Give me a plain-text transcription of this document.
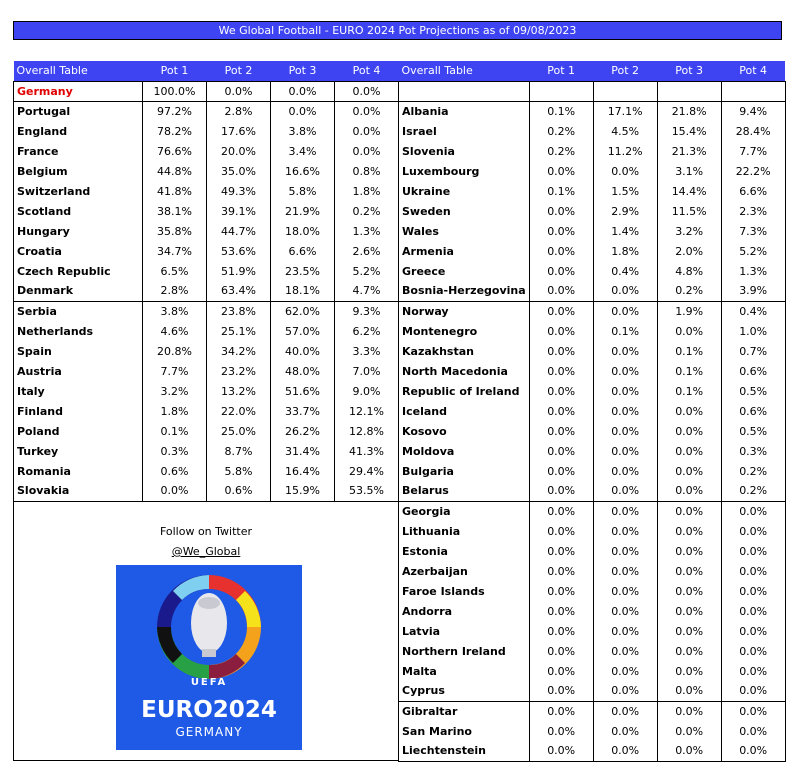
We Global Football - EURO 2024 Pot Projections as of 09/08/2023
Overall Table	Pot 1	Pot 2	Pot 3	Pot 4
Germany	100.0%	0.0%	0.0%	0.0%
Portugal	97.2%	2.8%	0.0%	0.0%
England	78.2%	17.6%	3.8%	0.0%
France	76.6%	20.0%	3.4%	0.0%
Belgium	44.8%	35.0%	16.6%	0.8%
Switzerland	41.8%	49.3%	5.8%	1.8%
Scotland	38.1%	39.1%	21.9%	0.2%
Hungary	35.8%	44.7%	18.0%	1.3%
Croatia	34.7%	53.6%	6.6%	2.6%
Czech Republic	6.5%	51.9%	23.5%	5.2%
Denmark	2.8%	63.4%	18.1%	4.7%
Serbia	3.8%	23.8%	62.0%	9.3%
Netherlands	4.6%	25.1%	57.0%	6.2%
Spain	20.8%	34.2%	40.0%	3.3%
Austria	7.7%	23.2%	48.0%	7.0%
Italy	3.2%	13.2%	51.6%	9.0%
Finland	1.8%	22.0%	33.7%	12.1%
Poland	0.1%	25.0%	26.2%	12.8%
Turkey	0.3%	8.7%	31.4%	41.3%
Romania	0.6%	5.8%	16.4%	29.4%
Slovakia	0.0%	0.6%	15.9%	53.5%
Overall Table	Pot 1	Pot 2	Pot 3	Pot 4

Albania	0.1%	17.1%	21.8%	9.4%
Israel	0.2%	4.5%	15.4%	28.4%
Slovenia	0.2%	11.2%	21.3%	7.7%
Luxembourg	0.0%	0.0%	3.1%	22.2%
Ukraine	0.1%	1.5%	14.4%	6.6%
Sweden	0.0%	2.9%	11.5%	2.3%
Wales	0.0%	1.4%	3.2%	7.3%
Armenia	0.0%	1.8%	2.0%	5.2%
Greece	0.0%	0.4%	4.8%	1.3%
Bosnia-Herzegovina	0.0%	0.0%	0.2%	3.9%
Norway	0.0%	0.0%	1.9%	0.4%
Montenegro	0.0%	0.1%	0.0%	1.0%
Kazakhstan	0.0%	0.0%	0.1%	0.7%
North Macedonia	0.0%	0.0%	0.1%	0.6%
Republic of Ireland	0.0%	0.0%	0.1%	0.5%
Iceland	0.0%	0.0%	0.0%	0.6%
Kosovo	0.0%	0.0%	0.0%	0.5%
Moldova	0.0%	0.0%	0.0%	0.3%
Bulgaria	0.0%	0.0%	0.0%	0.2%
Belarus	0.0%	0.0%	0.0%	0.2%
Georgia	0.0%	0.0%	0.0%	0.0%
Lithuania	0.0%	0.0%	0.0%	0.0%
Estonia	0.0%	0.0%	0.0%	0.0%
Azerbaijan	0.0%	0.0%	0.0%	0.0%
Faroe Islands	0.0%	0.0%	0.0%	0.0%
Andorra	0.0%	0.0%	0.0%	0.0%
Latvia	0.0%	0.0%	0.0%	0.0%
Northern Ireland	0.0%	0.0%	0.0%	0.0%
Malta	0.0%	0.0%	0.0%	0.0%
Cyprus	0.0%	0.0%	0.0%	0.0%
Gibraltar	0.0%	0.0%	0.0%	0.0%
San Marino	0.0%	0.0%	0.0%	0.0%
Liechtenstein	0.0%	0.0%	0.0%	0.0%
Follow on Twitter
@We_Global
UEFA
EURO2024
GERMANY
